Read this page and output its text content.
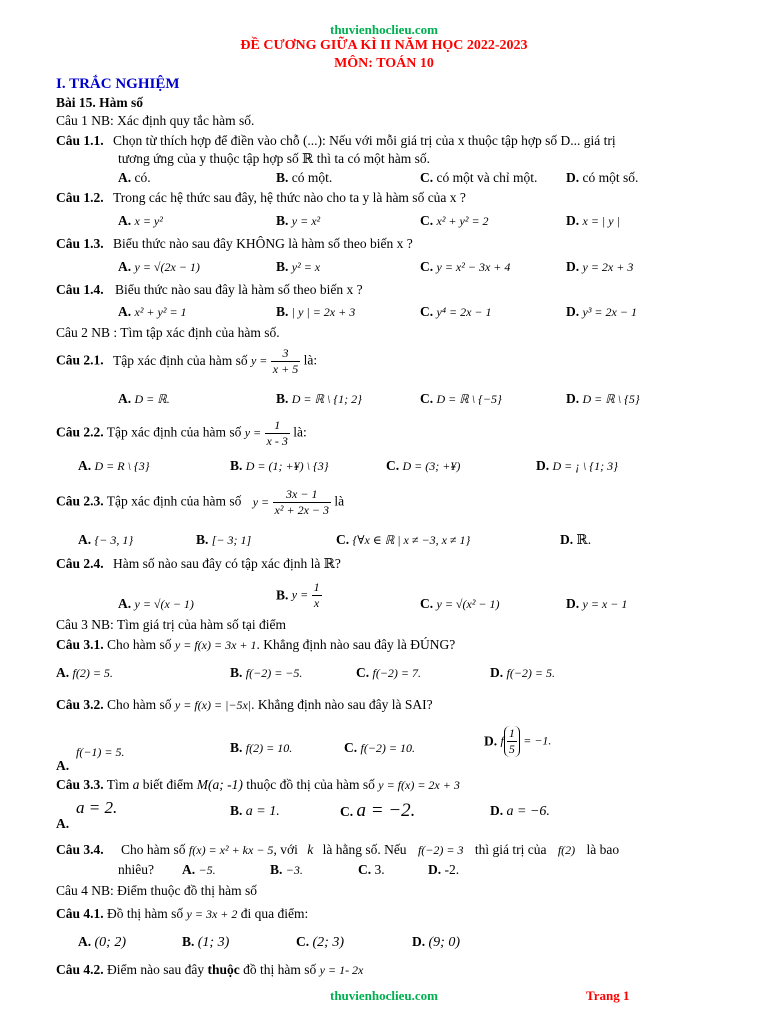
thuvienhoclieu.com
ĐỀ CƯƠNG GIỮA KÌ II NĂM HỌC 2022-2023
MÔN: TOÁN 10
I. TRẮC NGHIỆM
Bài 15. Hàm số
Câu 1 NB: Xác định quy tắc hàm số.
Câu 1.1. Chọn từ thích hợp để điền vào chỗ (...): Nếu với mỗi giá trị của x thuộc tập hợp số D... giá trị
tương ứng của y thuộc tập hợp số ℝ thì ta có một hàm số.
A. có.	B. có một.	C. có một và chỉ một. D. có một số.
Câu 1.2. Trong các hệ thức sau đây, hệ thức nào cho ta y là hàm số của x ?
A. x = y²	B. y = x²	C. x² + y² = 2	D. x = | y |
Câu 1.3. Biểu thức nào sau đây KHÔNG là hàm số theo biến x ?
A. y = √(2x − 1)	B. y² = x	C. y = x² − 3x + 4	D. y = 2x + 3
Câu 1.4. Biểu thức nào sau đây là hàm số theo biến x ?
A. x² + y² = 1	B. | y | = 2x + 3	C. y⁴ = 2x − 1	D. y³ = 2x − 1
Câu 2 NB : Tìm tập xác định của hàm số.
Câu 2.1. Tập xác định của hàm số $y = \frac{3}{x + 5}$ là:
A. D = ℝ.	B. D = ℝ \ {1; 2}	C. D = ℝ \ {−5}	D. D = ℝ \ {5}
Câu 2.2. Tập xác định của hàm số $y = \frac{1}{x - 3}$ là:
A. D = R \ {3}	B. D = (1; +¥) \ {3}	C. D = (3; +¥)	D. D = ¡ \ {1; 3}
Câu 2.3. Tập xác định của hàm số $y = \frac{3x - 1}{\text{x² + 2x − 3}}$ là
A. {− 3, 1}	B. [− 3; 1]	C. {∀x ∈ ℝ | x ≠ −3, x ≠ 1}	D. ℝ.
Câu 2.4. Hàm số nào sau đây có tập xác định là ℝ?
A. y = √(x − 1)
B. $y = \frac{1}{x}$	C. y = √(x² − 1)	D. y = x − 1
Câu 3 NB: Tìm giá trị của hàm số tại điểm
Câu 3.1. Cho hàm số y = f(x) = 3x + 1. Khẳng định nào sau đây là ĐÚNG?
A. f(2) = 5.	B. f(−2) = −5.	C. f(−2) = 7.	D. f(−2) = 5.
Câu 3.2. Cho hàm số y = f(x) = |−5x|. Khẳng định nào sau đây là SAI?
A.
f(−1) = 5.	B. f(2) = 10.	C. f(−2) = 10.	D. f $\frac{1}{5} = -1$.
Câu 3.3. Tìm a biết điểm M(a; -1) thuộc đồ thị của hàm số y = f(x) = 2x + 3
a = 2.
A.
B. a = 1.	C. a = −2.	D. a = −6.
Câu 3.4. Cho hàm số f(x) = x² + kx − 5, với k là hằng số. Nếu f(−2) = 3 thì giá trị của f(2) là bao
nhiêu? A. −5.	B. −3.	C. 3.	D. -2.
Câu 4 NB: Điểm thuộc đồ thị hàm số
Câu 4.1. Đồ thị hàm số y = 3x + 2 đi qua điểm:
A. (0; 2)	B. (1; 3)	C. (2; 3)	D. (9; 0)
Câu 4.2. Điểm nào sau đây thuộc đồ thị hàm số y = 1- 2x
thuvienhoclieu.com	Trang 1
